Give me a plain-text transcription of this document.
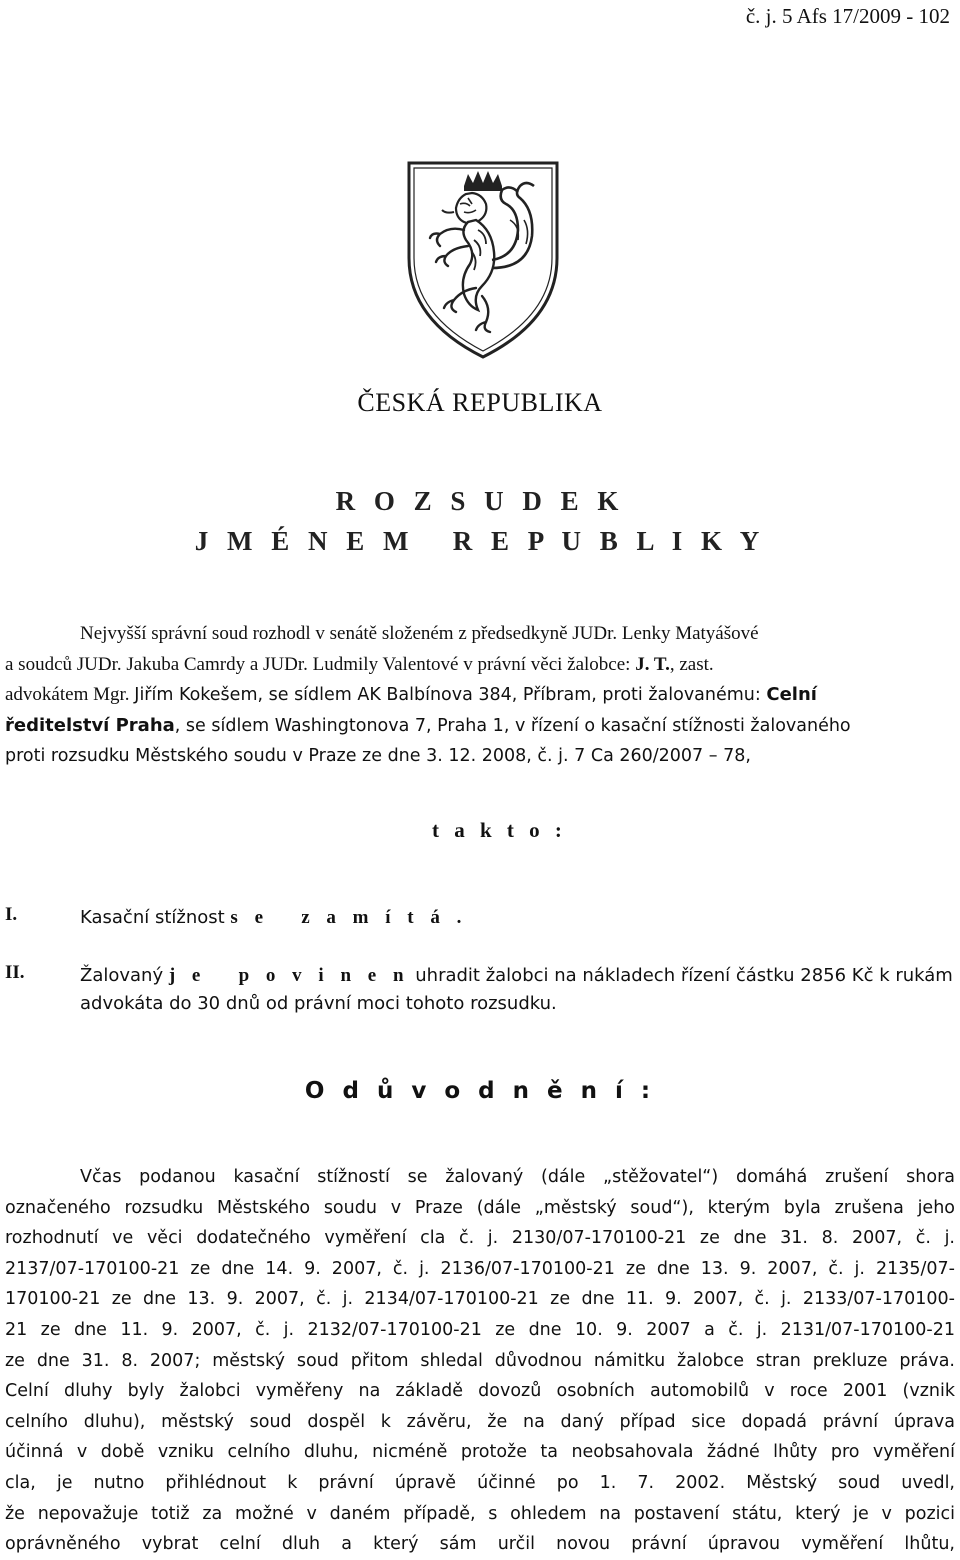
č. j. 5 Afs 17/2009 - 102
ČESKÁ REPUBLIKA
R O Z S U D E K
J M É N E M   R E P U B L I K Y
Nejvyšší správní soud rozhodl v senátě složeném z předsedkyně JUDr. Lenky Matyášové
a soudců JUDr. Jakuba Camrdy a JUDr. Ludmily Valentové v právní věci žalobce: J. T., zast.
advokátem Mgr. Jiřím Kokešem, se sídlem AK Balbínova 384, Příbram, proti žalovanému: Celní
ředitelství Praha, se sídlem Washingtonova 7, Praha 1, v řízení o kasační stížnosti žalovaného
proti rozsudku Městského soudu v Praze ze dne 3. 12. 2008, č. j. 7 Ca 260/2007 – 78,
t a k t o :
I.	Kasační stížnost s e   z a m í t á .
II.	Žalovaný j e   p o v i n e n uhradit žalobci na nákladech řízení částku 2856 Kč k rukám
advokáta do 30 dnů od právní moci tohoto rozsudku.
O d ů v o d n ě n í :
Včas podanou kasační stížností se žalovaný (dále „stěžovatel“) domáhá zrušení shora
označeného rozsudku Městského soudu v Praze (dále „městský soud“), kterým byla zrušena jeho
rozhodnutí ve věci dodatečného vyměření cla č. j. 2130/07-170100-21 ze dne 31. 8. 2007, č. j.
2137/07-170100-21 ze dne 14. 9. 2007, č. j. 2136/07-170100-21 ze dne 13. 9. 2007, č. j. 2135/07-
170100-21 ze dne 13. 9. 2007, č. j. 2134/07-170100-21 ze dne 11. 9. 2007, č. j. 2133/07-170100-
21 ze dne 11. 9. 2007, č. j. 2132/07-170100-21 ze dne 10. 9. 2007 a č. j. 2131/07-170100-21
ze dne 31. 8. 2007; městský soud přitom shledal důvodnou námitku žalobce stran prekluze práva.
Celní dluhy byly žalobci vyměřeny na základě dovozů osobních automobilů v roce 2001 (vznik
celního dluhu), městský soud dospěl k závěru, že na daný případ sice dopadá právní úprava
účinná v době vzniku celního dluhu, nicméně protože ta neobsahovala žádné lhůty pro vyměření
cla, je nutno přihlédnout k právní úpravě účinné po 1. 7. 2002. Městský soud uvedl,
že nepovažuje totiž za možné v daném případě, s ohledem na postavení státu, který je v pozici
oprávněného vybrat celní dluh a který sám určil novou právní úpravou vyměření lhůtu,
